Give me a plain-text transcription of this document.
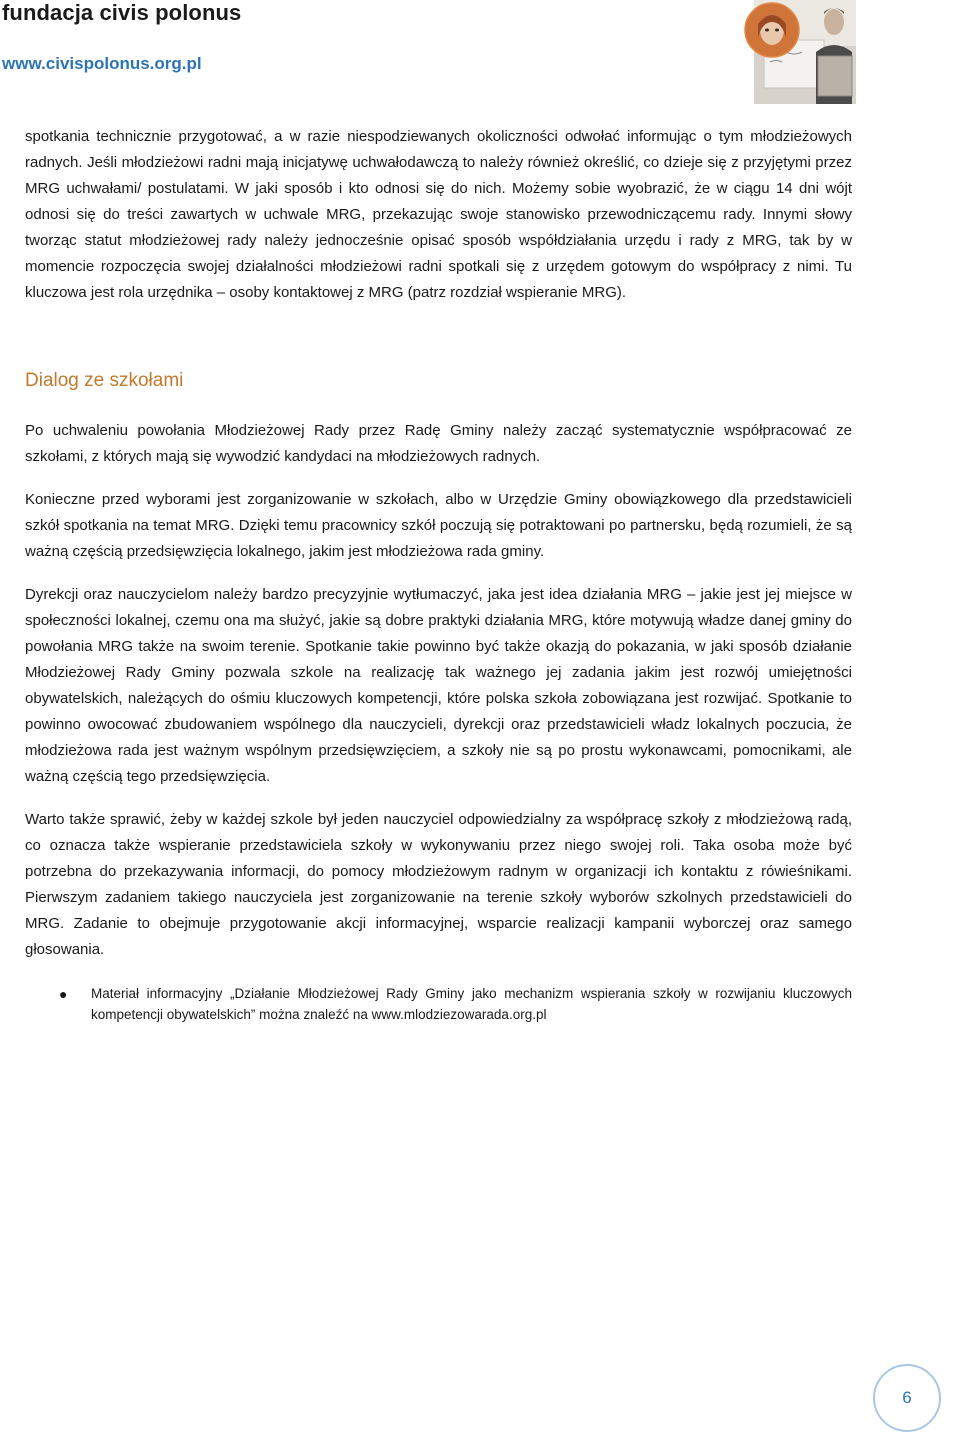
fundacja civis polonus
www.civispolonus.org.pl

spotkania technicznie przygotować, a w razie niespodziewanych okoliczności odwołać informując o tym młodzieżowych radnych. Jeśli młodzieżowi radni mają inicjatywę uchwałodawczą to należy również określić, co dzieje się z przyjętymi przez MRG uchwałami/ postulatami. W jaki sposób i kto odnosi się do nich. Możemy sobie wyobrazić, że w ciągu 14 dni wójt odnosi się do treści zawartych w uchwale MRG, przekazując swoje stanowisko przewodniczącemu rady. Innymi słowy tworząc statut młodzieżowej rady należy jednocześnie opisać sposób współdziałania urzędu i rady z MRG, tak by w momencie rozpoczęcia swojej działalności młodzieżowi radni spotkali się z urzędem gotowym do współpracy z nimi. Tu kluczowa jest rola urzędnika – osoby kontaktowej z MRG (patrz rozdział wspieranie MRG).

Dialog ze szkołami

Po uchwaleniu powołania Młodzieżowej Rady przez Radę Gminy należy zacząć systematycznie współpracować ze szkołami, z których mają się wywodzić kandydaci na młodzieżowych radnych.

Konieczne przed wyborami jest zorganizowanie w szkołach, albo w Urzędzie Gminy obowiązkowego dla przedstawicieli szkół spotkania na temat MRG. Dzięki temu pracownicy szkół poczują się potraktowani po partnersku, będą rozumieli, że są ważną częścią przedsięwzięcia lokalnego, jakim jest młodzieżowa rada gminy.

Dyrekcji oraz nauczycielom należy bardzo precyzyjnie wytłumaczyć, jaka jest idea działania MRG – jakie jest jej miejsce w społeczności lokalnej, czemu ona ma służyć, jakie są dobre praktyki działania MRG, które motywują władze danej gminy do powołania MRG także na swoim terenie. Spotkanie takie powinno być także okazją do pokazania, w jaki sposób działanie Młodzieżowej Rady Gminy pozwala szkole na realizację tak ważnego jej zadania jakim jest rozwój umiejętności obywatelskich, należących do ośmiu kluczowych kompetencji, które polska szkoła zobowiązana jest rozwijać. Spotkanie to powinno owocować zbudowaniem wspólnego dla nauczycieli, dyrekcji oraz przedstawicieli władz lokalnych poczucia, że młodzieżowa rada jest ważnym wspólnym przedsięwzięciem, a szkoły nie są po prostu wykonawcami, pomocnikami, ale ważną częścią tego przedsięwzięcia.

Warto także sprawić, żeby w każdej szkole był jeden nauczyciel odpowiedzialny za współpracę szkoły z młodzieżową radą, co oznacza także wspieranie przedstawiciela szkoły w wykonywaniu przez niego swojej roli. Taka osoba może być potrzebna do przekazywania informacji, do pomocy młodzieżowym radnym w organizacji ich kontaktu z rówieśnikami. Pierwszym zadaniem takiego nauczyciela jest zorganizowanie na terenie szkoły wyborów szkolnych przedstawicieli do MRG. Zadanie to obejmuje przygotowanie akcji informacyjnej, wsparcie realizacji kampanii wyborczej oraz samego głosowania.

● Materiał informacyjny „Działanie Młodzieżowej Rady Gminy jako mechanizm wspierania szkoły w rozwijaniu kluczowych kompetencji obywatelskich” można znaleźć na www.mlodziezowarada.org.pl
6
